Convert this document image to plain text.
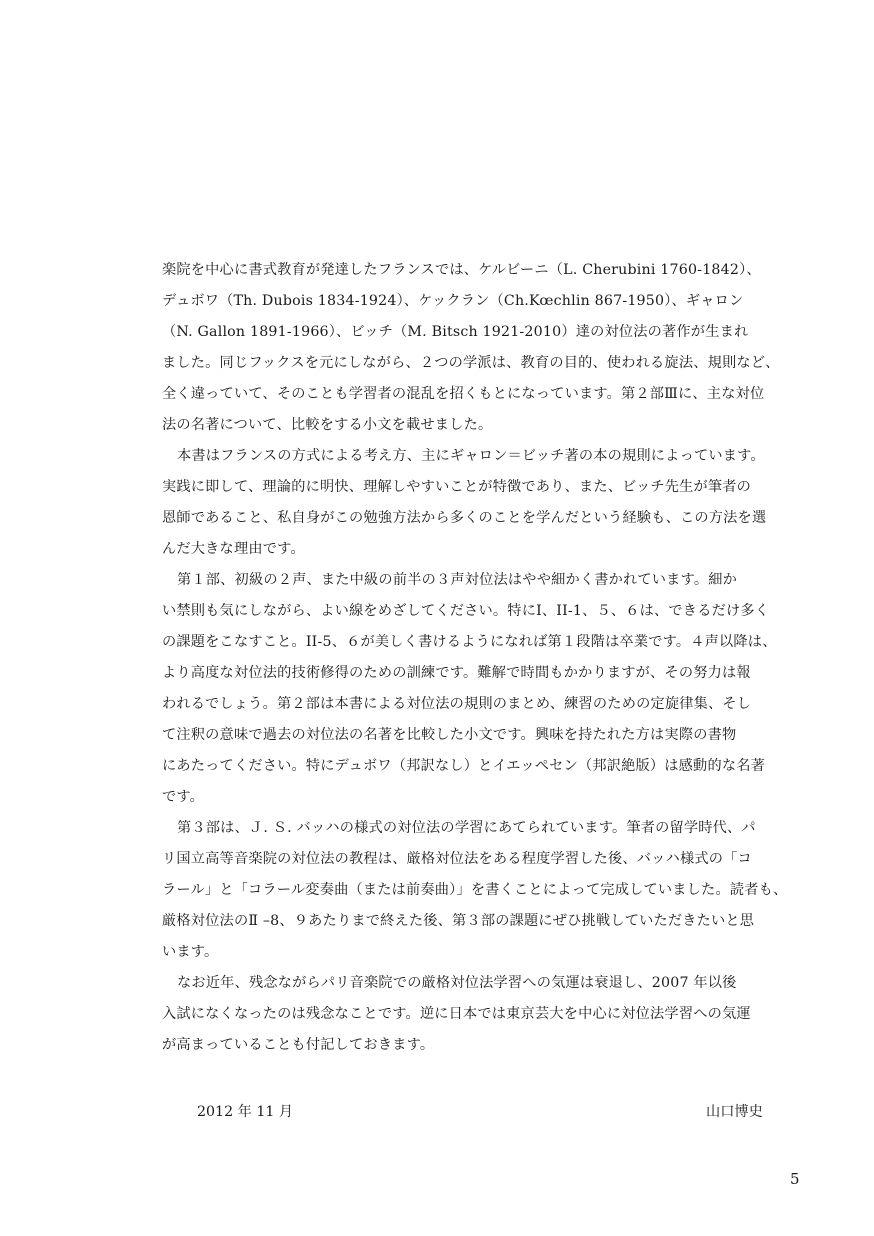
楽院を中心に書式教育が発達したフランスでは、ケルビーニ（L. Cherubini 1760-1842）、
デュボワ（Th. Dubois 1834-1924）、ケックラン（Ch.Kœchlin 867-1950）、ギャロン
（N. Gallon 1891-1966）、ビッチ（M. Bitsch 1921-2010）達の対位法の著作が生まれ
ました。同じフックスを元にしながら、２つの学派は、教育の目的、使われる旋法、規則など、
全く違っていて、そのことも学習者の混乱を招くもとになっています。第２部Ⅲに、主な対位
法の名著について、比較をする小文を載せました。
本書はフランスの方式による考え方、主にギャロン＝ビッチ著の本の規則によっています。
実践に即して、理論的に明快、理解しやすいことが特徴であり、また、ビッチ先生が筆者の
恩師であること、私自身がこの勉強方法から多くのことを学んだという経験も、この方法を選
んだ大きな理由です。
第１部、初級の２声、また中級の前半の３声対位法はやや細かく書かれています。細か
い禁則も気にしながら、よい線をめざしてください。特にⅠ、II-1、５、６は、できるだけ多く
の課題をこなすこと。II-5、６が美しく書けるようになれば第１段階は卒業です。４声以降は、
より高度な対位法的技術修得のための訓練です。難解で時間もかかりますが、その努力は報
われるでしょう。第２部は本書による対位法の規則のまとめ、練習のための定旋律集、そし
て注釈の意味で過去の対位法の名著を比較した小文です。興味を持たれた方は実際の書物
にあたってください。特にデュボワ（邦訳なし）とイエッペセン（邦訳絶版）は感動的な名著
です。
第３部は、Ｊ. Ｓ. バッハの様式の対位法の学習にあてられています。筆者の留学時代、パ
リ国立高等音楽院の対位法の教程は、厳格対位法をある程度学習した後、バッハ様式の「コ
ラール」と「コラール変奏曲（または前奏曲）」を書くことによって完成していました。読者も、
厳格対位法のⅡ –8、９あたりまで終えた後、第３部の課題にぜひ挑戦していただきたいと思
います。
なお近年、残念ながらパリ音楽院での厳格対位法学習への気運は衰退し、2007 年以後
入試になくなったのは残念なことです。逆に日本では東京芸大を中心に対位法学習への気運
が高まっていることも付記しておきます。
2012 年 11 月	山口博史
5
